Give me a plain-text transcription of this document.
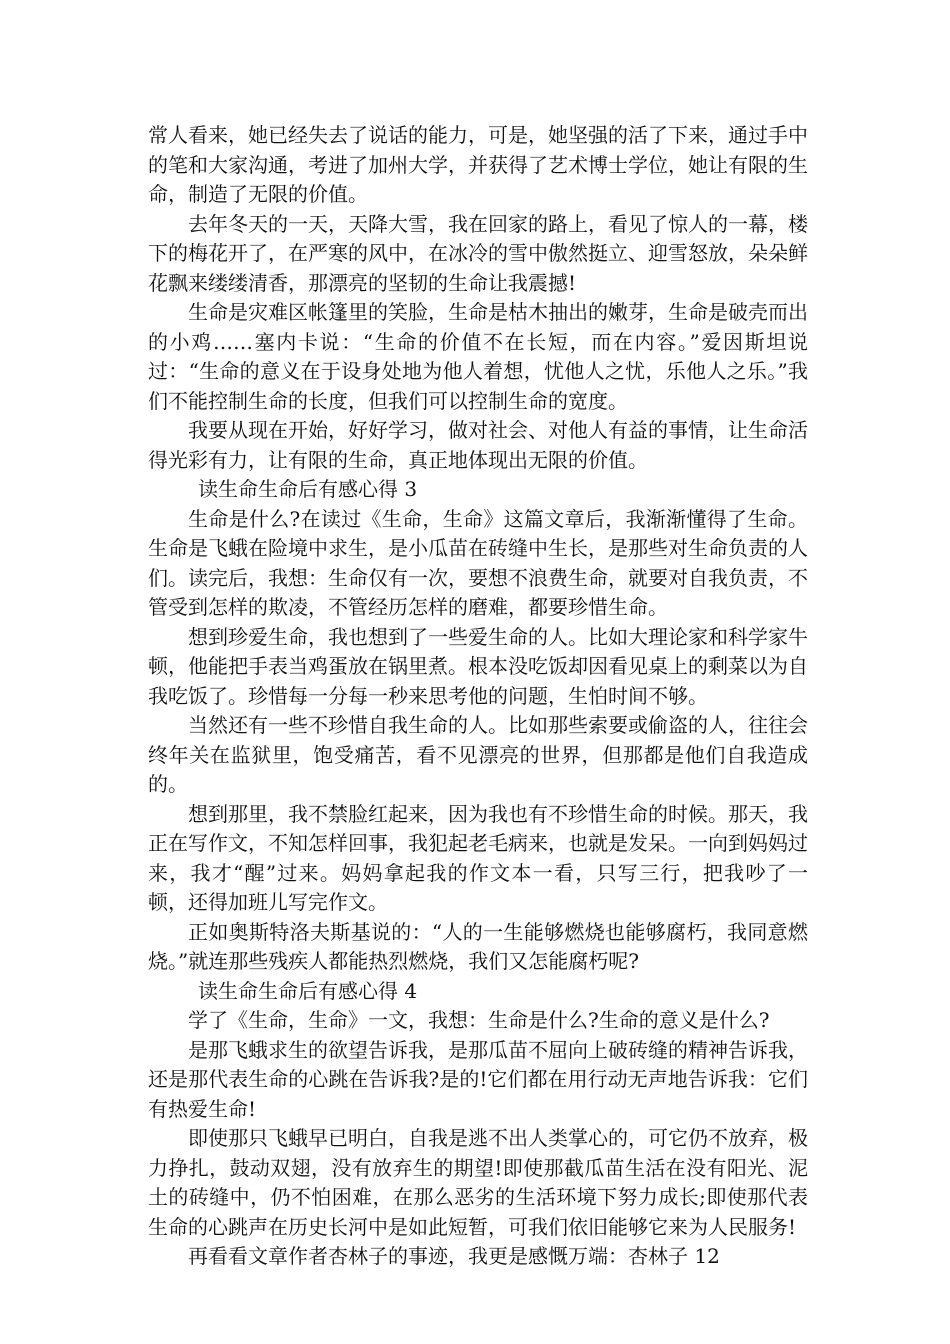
常人看来，她已经失去了说话的能力，可是，她坚强的活了下来，通过手中的笔和大家沟通，考进了加州大学，并获得了艺术博士学位，她让有限的生命，制造了无限的价值。

去年冬天的一天，天降大雪，我在回家的路上，看见了惊人的一幕，楼下的梅花开了，在严寒的风中，在冰冷的雪中傲然挺立、迎雪怒放，朵朵鲜花飘来缕缕清香，那漂亮的坚韧的生命让我震撼!

生命是灾难区帐篷里的笑脸，生命是枯木抽出的嫩芽，生命是破壳而出的小鸡……塞内卡说：“生命的价值不在长短，而在内容。”爱因斯坦说过：“生命的意义在于设身处地为他人着想，忧他人之忧，乐他人之乐。”我们不能控制生命的长度，但我们可以控制生命的宽度。

我要从现在开始，好好学习，做对社会、对他人有益的事情，让生命活得光彩有力，让有限的生命，真正地体现出无限的价值。

读生命生命后有感心得 3

生命是什么?在读过《生命，生命》这篇文章后，我渐渐懂得了生命。生命是飞蛾在险境中求生，是小瓜苗在砖缝中生长，是那些对生命负责的人们。读完后，我想：生命仅有一次，要想不浪费生命，就要对自我负责，不管受到怎样的欺凌，不管经历怎样的磨难，都要珍惜生命。

想到珍爱生命，我也想到了一些爱生命的人。比如大理论家和科学家牛顿，他能把手表当鸡蛋放在锅里煮。根本没吃饭却因看见桌上的剩菜以为自我吃饭了。珍惜每一分每一秒来思考他的问题，生怕时间不够。

当然还有一些不珍惜自我生命的人。比如那些索要或偷盗的人，往往会终年关在监狱里，饱受痛苦，看不见漂亮的世界，但那都是他们自我造成的。

想到那里，我不禁脸红起来，因为我也有不珍惜生命的时候。那天，我正在写作文，不知怎样回事，我犯起老毛病来，也就是发呆。一向到妈妈过来，我才“醒”过来。妈妈拿起我的作文本一看，只写三行，把我吵了一顿，还得加班儿写完作文。

正如奥斯特洛夫斯基说的：“人的一生能够燃烧也能够腐朽，我同意燃烧。”就连那些残疾人都能热烈燃烧，我们又怎能腐朽呢?

读生命生命后有感心得 4

学了《生命，生命》一文，我想：生命是什么?生命的意义是什么?

是那飞蛾求生的欲望告诉我，是那瓜苗不屈向上破砖缝的精神告诉我，还是那代表生命的心跳在告诉我?是的!它们都在用行动无声地告诉我：它们有热爱生命!

即使那只飞蛾早已明白，自我是逃不出人类掌心的，可它仍不放弃，极力挣扎，鼓动双翅，没有放弃生的期望!即使那截瓜苗生活在没有阳光、泥土的砖缝中，仍不怕困难，在那么恶劣的生活环境下努力成长;即使那代表生命的心跳声在历史长河中是如此短暂，可我们依旧能够它来为人民服务!

再看看文章作者杏林子的事迹，我更是感慨万端：杏林子 12
